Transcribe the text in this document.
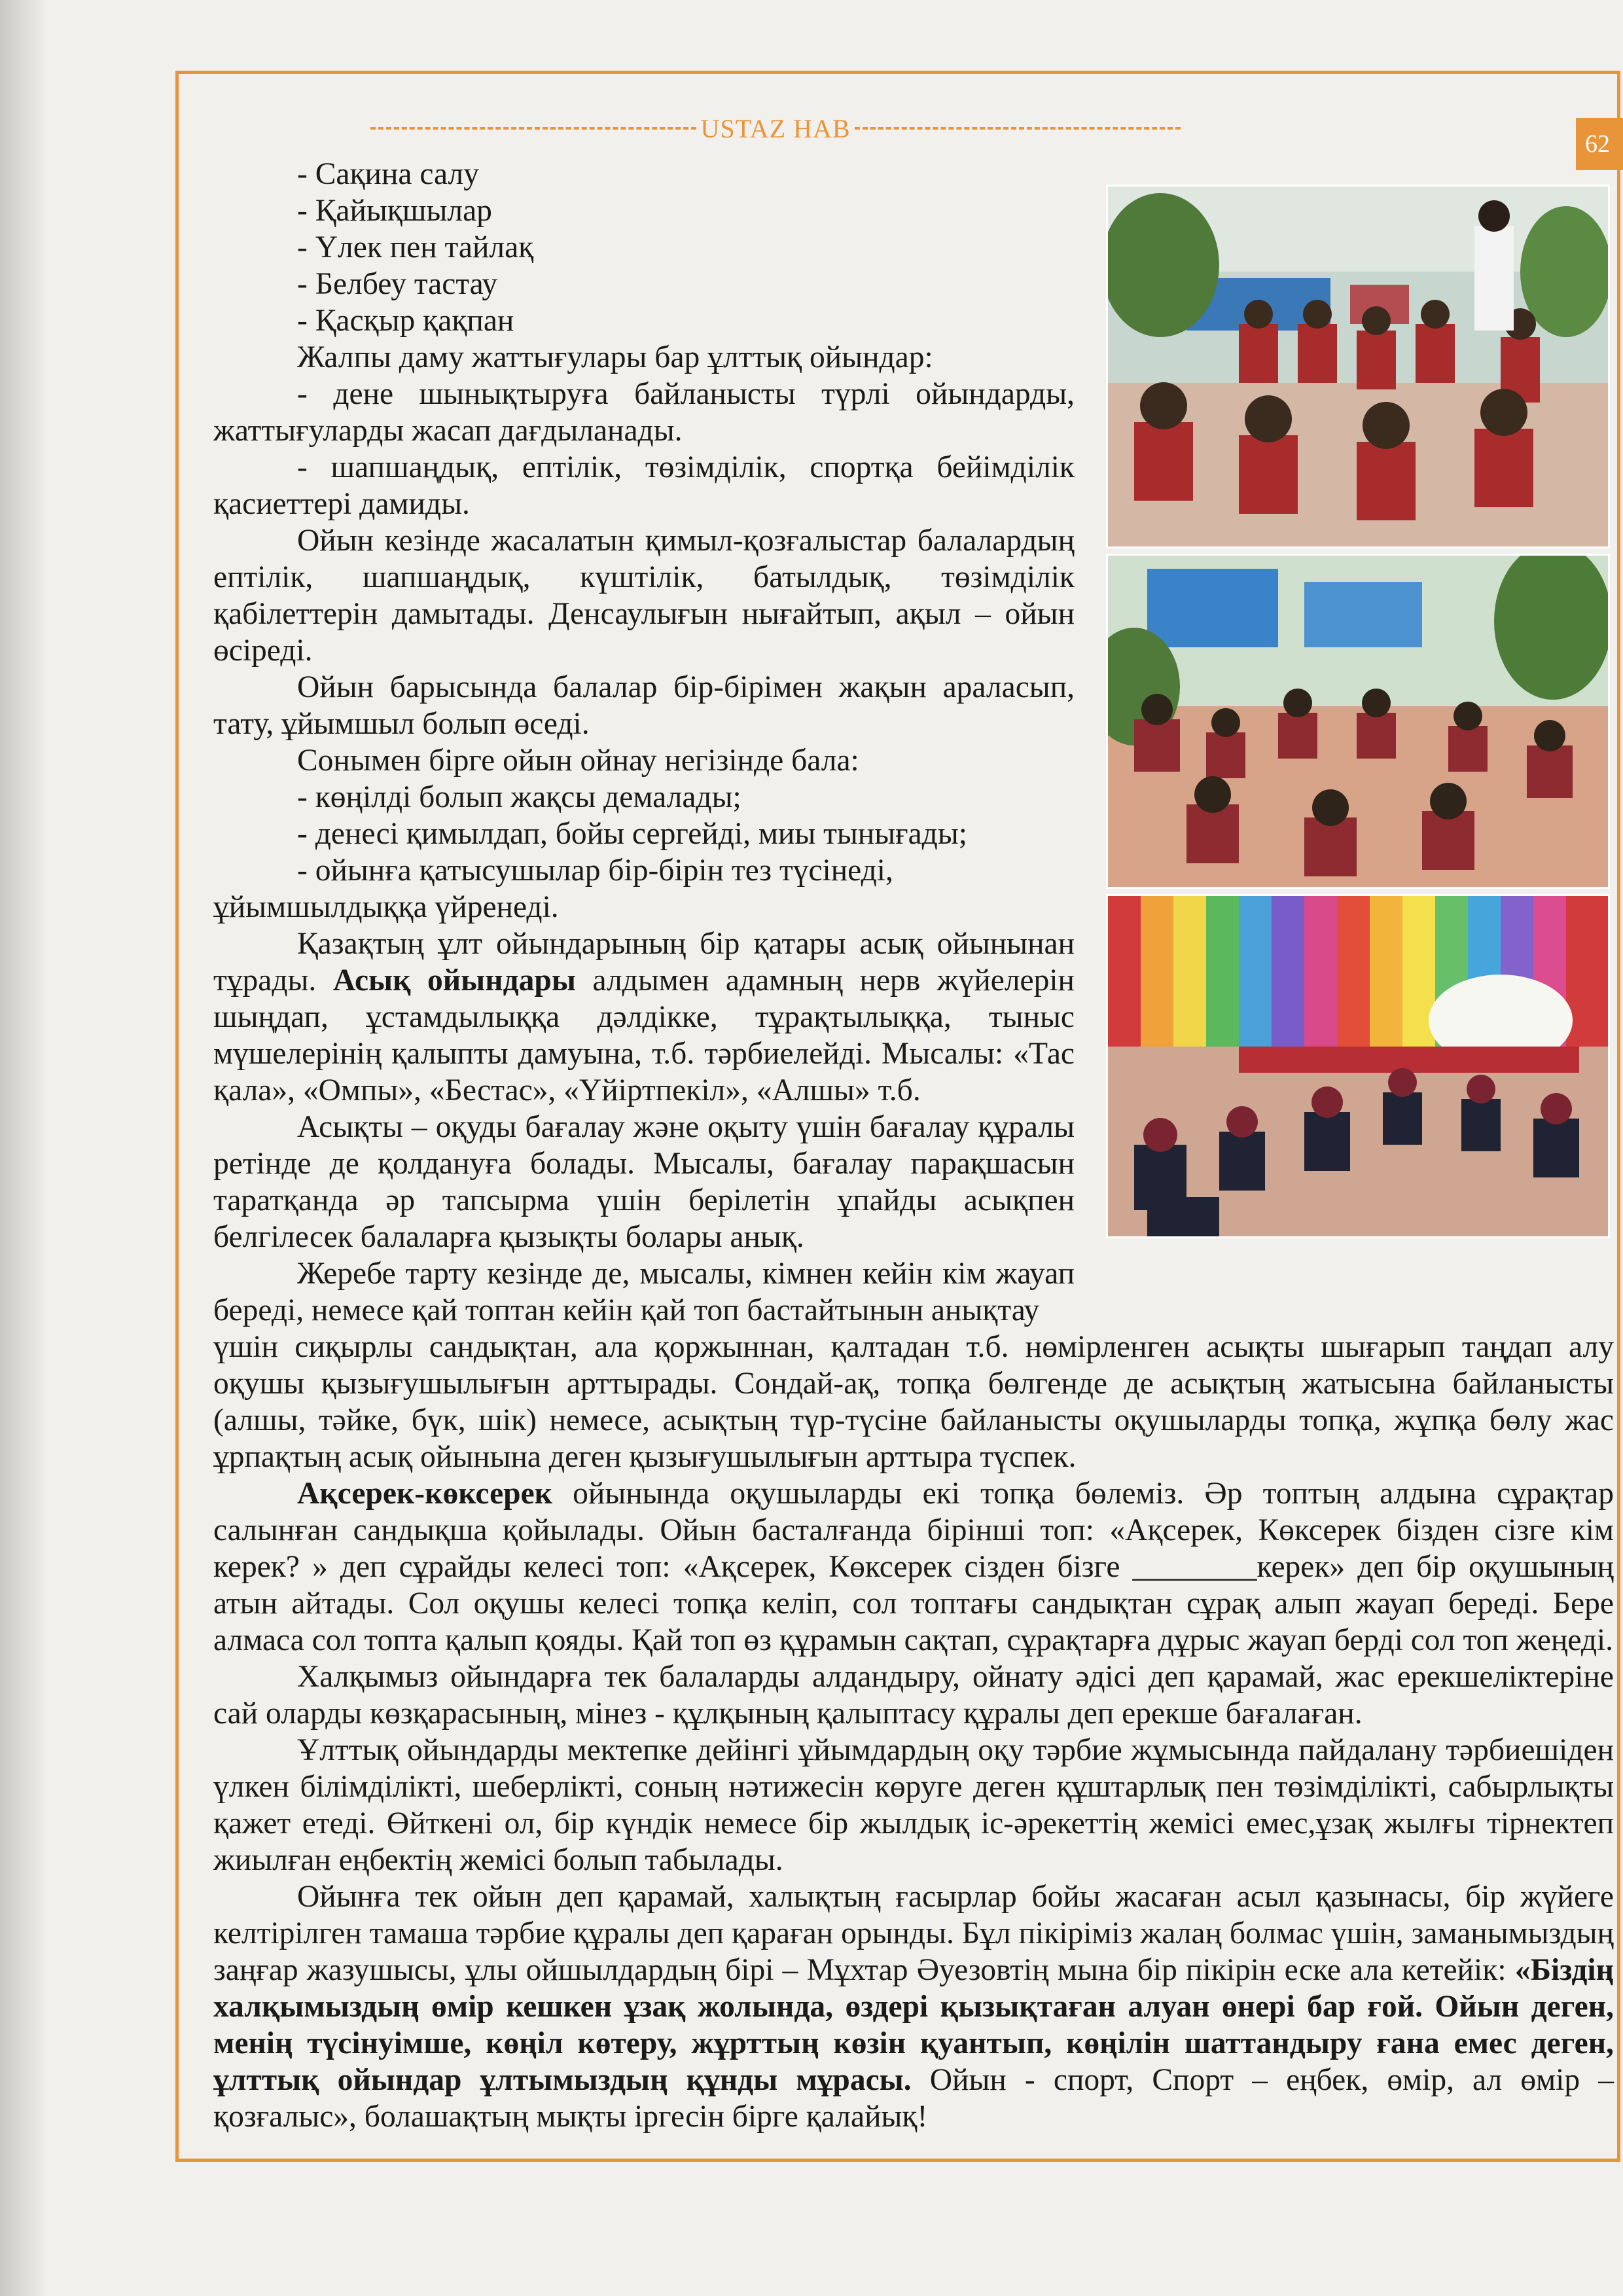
USTAZ HAB
62

- Сақина салу

- Қайықшылар

- Үлек пен тайлақ

- Белбеу тастау

- Қасқыр қақпан

Жалпы даму жаттығулары бар ұлттық ойындар:

- дене шынықтыруға байланысты түрлі ойындарды, жаттығуларды жасап дағдыланады.

- шапшаңдық, ептілік, төзімділік, спортқа бейімділік қасиеттері дамиды.

Ойын кезінде жасалатын қимыл-қозғалыстар балалардың ептілік, шапшаңдық, күштілік, батылдық, төзімділік қабілеттерін дамытады. Денсаулығын нығайтып, ақыл – ойын өсіреді.

Ойын барысында балалар бір-бірімен жақын араласып, тату, ұйымшыл болып өседі.

Сонымен бірге ойын ойнау негізінде бала:

- көңілді болып жақсы демалады;

- денесі қимылдап, бойы сергейді, миы тынығады;

- ойынға қатысушылар бір-бірін тез түсінеді,

ұйымшылдыққа үйренеді.

Қазақтың ұлт ойындарының бір қатары асық ойынынан тұрады. Асық ойындары алдымен адамның нерв жүйелерін шыңдап, ұстамдылыққа дәлдікке, тұрақтылыққа, тыныс мүшелерінің қалыпты дамуына, т.б. тәрбиелейді. Мысалы: «Тас қала», «Омпы», «Бестас», «Үйіртпекіл», «Алшы» т.б.

Асықты – оқуды бағалау және оқыту үшін бағалау құралы ретінде де қолдануға болады. Мысалы, бағалау парақшасын таратқанда әр тапсырма үшін берілетін ұпайды асықпен белгілесек балаларға қызықты болары анық.

Жеребе тарту кезінде де, мысалы, кімнен кейін кім жауап береді, немесе қай топтан кейін қай топ бастайтынын анықтау

үшін сиқырлы сандықтан, ала қоржыннан, қалтадан т.б. нөмірленген асықты шығарып таңдап алу оқушы қызығушылығын арттырады. Сондай-ақ, топқа бөлгенде де асықтың жатысына байланысты (алшы, тәйке, бүк, шік) немесе, асықтың түр-түсіне байланысты оқушыларды топқа, жұпқа бөлу жас ұрпақтың асық ойынына деген қызығушылығын арттыра түспек.

Ақсерек-көксерек ойынында оқушыларды екі топқа бөлеміз. Әр топтың алдына сұрақтар салынған сандықша қойылады. Ойын басталғанда бірінші топ: «Ақсерек, Көксерек бізден сізге кім керек? » деп сұрайды келесі топ: «Ақсерек, Көксерек сізден бізге ________керек» деп бір оқушының атын айтады. Сол оқушы келесі топқа келіп, сол топтағы сандықтан сұрақ алып жауап береді. Бере алмаса сол топта қалып қояды. Қай топ өз құрамын сақтап, сұрақтарға дұрыс жауап берді сол топ жеңеді.

Халқымыз ойындарға тек балаларды алдандыру, ойнату әдісі деп қарамай, жас ерекшеліктеріне сай оларды көзқарасының, мінез - құлқының қалыптасу құралы деп ерекше бағалаған.

Ұлттық ойындарды мектепке дейінгі ұйымдардың оқу тәрбие жұмысында пайдалану тәрбиешіден үлкен білімділікті, шеберлікті, соның нәтижесін көруге деген құштарлық пен төзімділікті, сабырлықты қажет етеді. Өйткені ол, бір күндік немесе бір жылдық іс-әрекеттің жемісі емес,ұзақ жылғы тірнектеп жиылған еңбектің жемісі болып табылады.

Ойынға тек ойын деп қарамай, халықтың ғасырлар бойы жасаған асыл қазынасы, бір жүйеге келтірілген тамаша тәрбие құралы деп қараған орынды. Бұл пікіріміз жалаң болмас үшін, заманымыздың заңғар жазушысы, ұлы ойшылдардың бірі – Мұхтар Әуезовтің мына бір пікірін еске ала кетейік: «Біздің халқымыздың өмір кешкен ұзақ жолында, өздері қызықтаған алуан өнері бар ғой. Ойын деген, менің түсінуімше, көңіл көтеру, жұрттың көзін қуантып, көңілін шаттандыру ғана емес деген, ұлттық ойындар ұлтымыздың құнды мұрасы. Ойын - спорт, Спорт – еңбек, өмір, ал өмір – қозғалыс», болашақтың мықты іргесін бірге қалайық!
